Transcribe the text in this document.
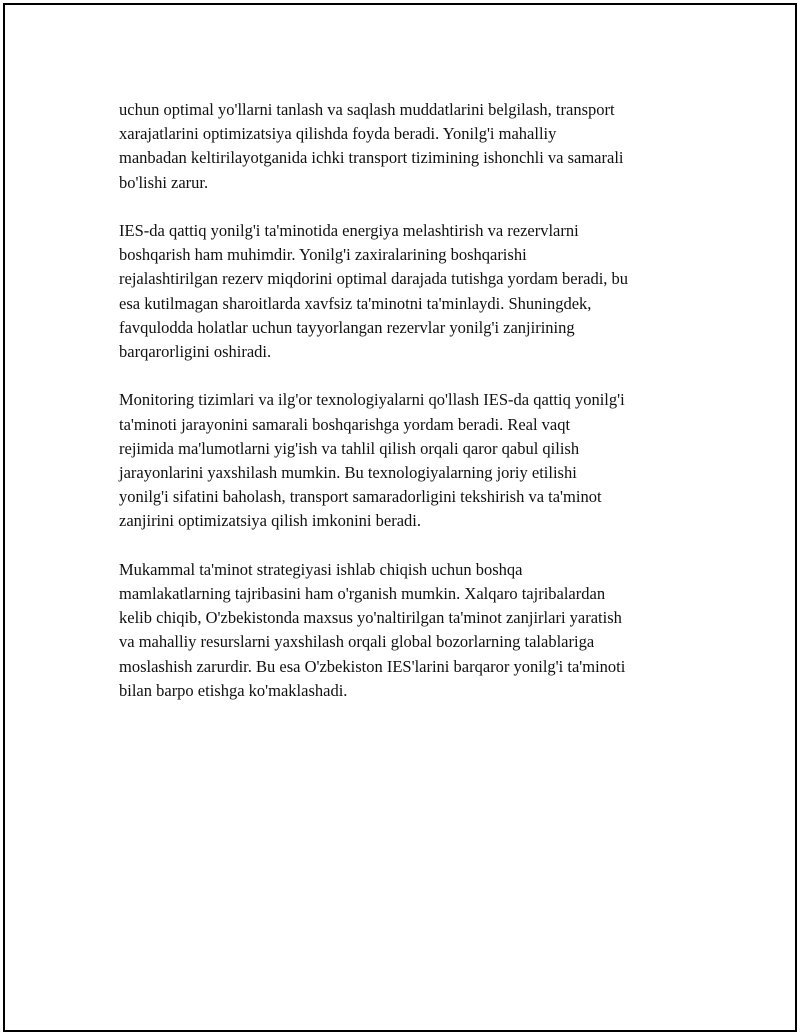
uchun optimal yo'llarni tanlash va saqlash muddatlarini belgilash, transport
xarajatlarini optimizatsiya qilishda foyda beradi. Yonilg'i mahalliy
manbadan keltirilayotganida ichki transport tizimining ishonchli va samarali
bo'lishi zarur.

IES-da qattiq yonilg'i ta'minotida energiya melashtirish va rezervlarni
boshqarish ham muhimdir. Yonilg'i zaxiralarining boshqarishi
rejalashtirilgan rezerv miqdorini optimal darajada tutishga yordam beradi, bu
esa kutilmagan sharoitlarda xavfsiz ta'minotni ta'minlaydi. Shuningdek,
favqulodda holatlar uchun tayyorlangan rezervlar yonilg'i zanjirining
barqarorligini oshiradi.

Monitoring tizimlari va ilg'or texnologiyalarni qo'llash IES-da qattiq yonilg'i
ta'minoti jarayonini samarali boshqarishga yordam beradi. Real vaqt
rejimida ma'lumotlarni yig'ish va tahlil qilish orqali qaror qabul qilish
jarayonlarini yaxshilash mumkin. Bu texnologiyalarning joriy etilishi
yonilg'i sifatini baholash, transport samaradorligini tekshirish va ta'minot
zanjirini optimizatsiya qilish imkonini beradi.

Mukammal ta'minot strategiyasi ishlab chiqish uchun boshqa
mamlakatlarning tajribasini ham o'rganish mumkin. Xalqaro tajribalardan
kelib chiqib, O'zbekistonda maxsus yo'naltirilgan ta'minot zanjirlari yaratish
va mahalliy resurslarni yaxshilash orqali global bozorlarning talablariga
moslashish zarurdir. Bu esa O'zbekiston IES'larini barqaror yonilg'i ta'minoti
bilan barpo etishga ko'maklashadi.
